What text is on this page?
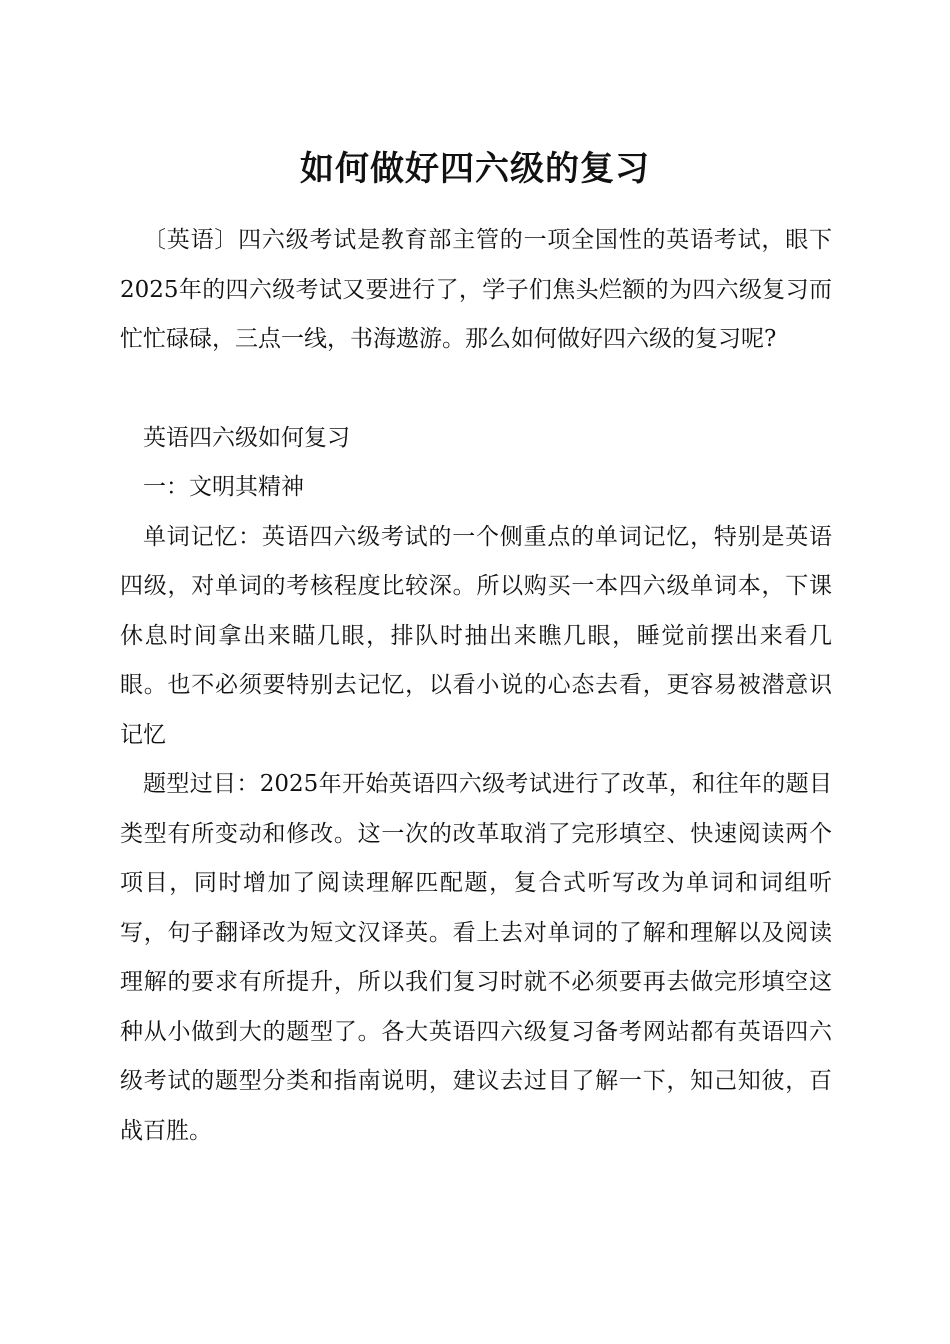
如何做好四六级的复习

〔英语〕四六级考试是教育部主管的一项全国性的英语考试，眼下2025年的四六级考试又要进行了，学子们焦头烂额的为四六级复习而忙忙碌碌，三点一线，书海遨游。那么如何做好四六级的复习呢?

英语四六级如何复习

一：文明其精神

单词记忆：英语四六级考试的一个侧重点的单词记忆，特别是英语四级，对单词的考核程度比较深。所以购买一本四六级单词本，下课休息时间拿出来瞄几眼，排队时抽出来瞧几眼，睡觉前摆出来看几眼。也不必须要特别去记忆，以看小说的心态去看，更容易被潜意识记忆

题型过目：2025年开始英语四六级考试进行了改革，和往年的题目类型有所变动和修改。这一次的改革取消了完形填空、快速阅读两个项目，同时增加了阅读理解匹配题，复合式听写改为单词和词组听写，句子翻译改为短文汉译英。看上去对单词的了解和理解以及阅读理解的要求有所提升，所以我们复习时就不必须要再去做完形填空这种从小做到大的题型了。各大英语四六级复习备考网站都有英语四六级考试的题型分类和指南说明，建议去过目了解一下，知己知彼，百战百胜。
